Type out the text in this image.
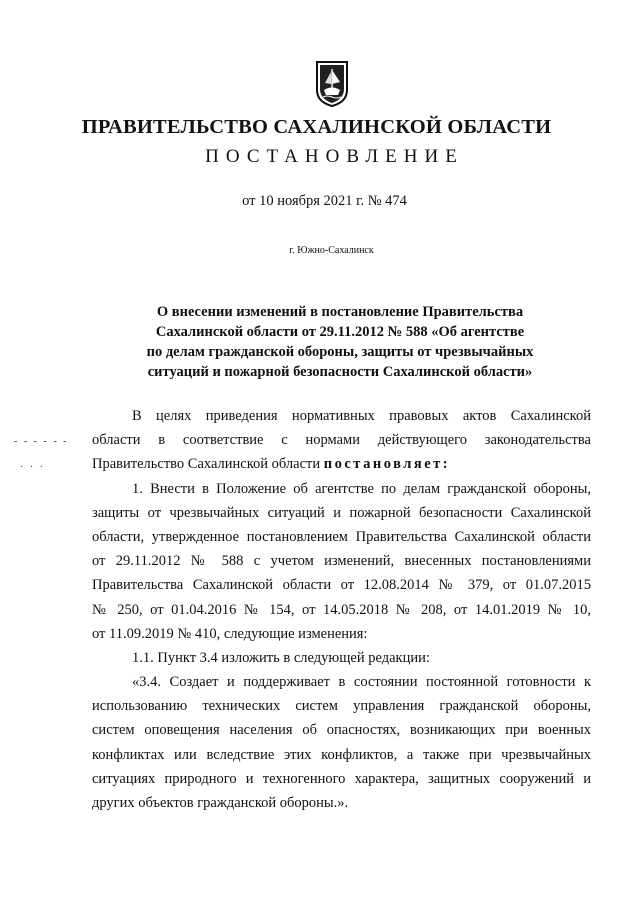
ПРАВИТЕЛЬСТВО САХАЛИНСКОЙ ОБЛАСТИ
ПОСТАНОВЛЕНИЕ
от 10 ноября 2021 г. № 474
г. Южно-Сахалинск
О внесении изменений в постановление Правительства
Сахалинской области от 29.11.2012 № 588 «Об агентстве
по делам гражданской обороны, защиты от чрезвычайных
ситуаций и пожарной безопасности Сахалинской области»
- - - - - -
· · ·
В целях приведения нормативных правовых актов Сахалинской
области в соответствие с нормами действующего законодательства
Правительство Сахалинской области постановляет:
1. Внести в Положение об агентстве по делам гражданской обороны,
защиты от чрезвычайных ситуаций и пожарной безопасности Сахалинской
области, утвержденное постановлением Правительства Сахалинской области
от 29.11.2012 № 588 с учетом изменений, внесенных постановлениями
Правительства Сахалинской области от 12.08.2014 № 379, от 01.07.2015
№ 250, от 01.04.2016 № 154, от 14.05.2018 № 208, от 14.01.2019 № 10,
от 11.09.2019 № 410, следующие изменения:
1.1. Пункт 3.4 изложить в следующей редакции:
«3.4. Создает и поддерживает в состоянии постоянной готовности к
использованию технических систем управления гражданской обороны,
систем оповещения населения об опасностях, возникающих при военных
конфликтах или вследствие этих конфликтов, а также при чрезвычайных
ситуациях природного и техногенного характера, защитных сооружений и
других объектов гражданской обороны.».
